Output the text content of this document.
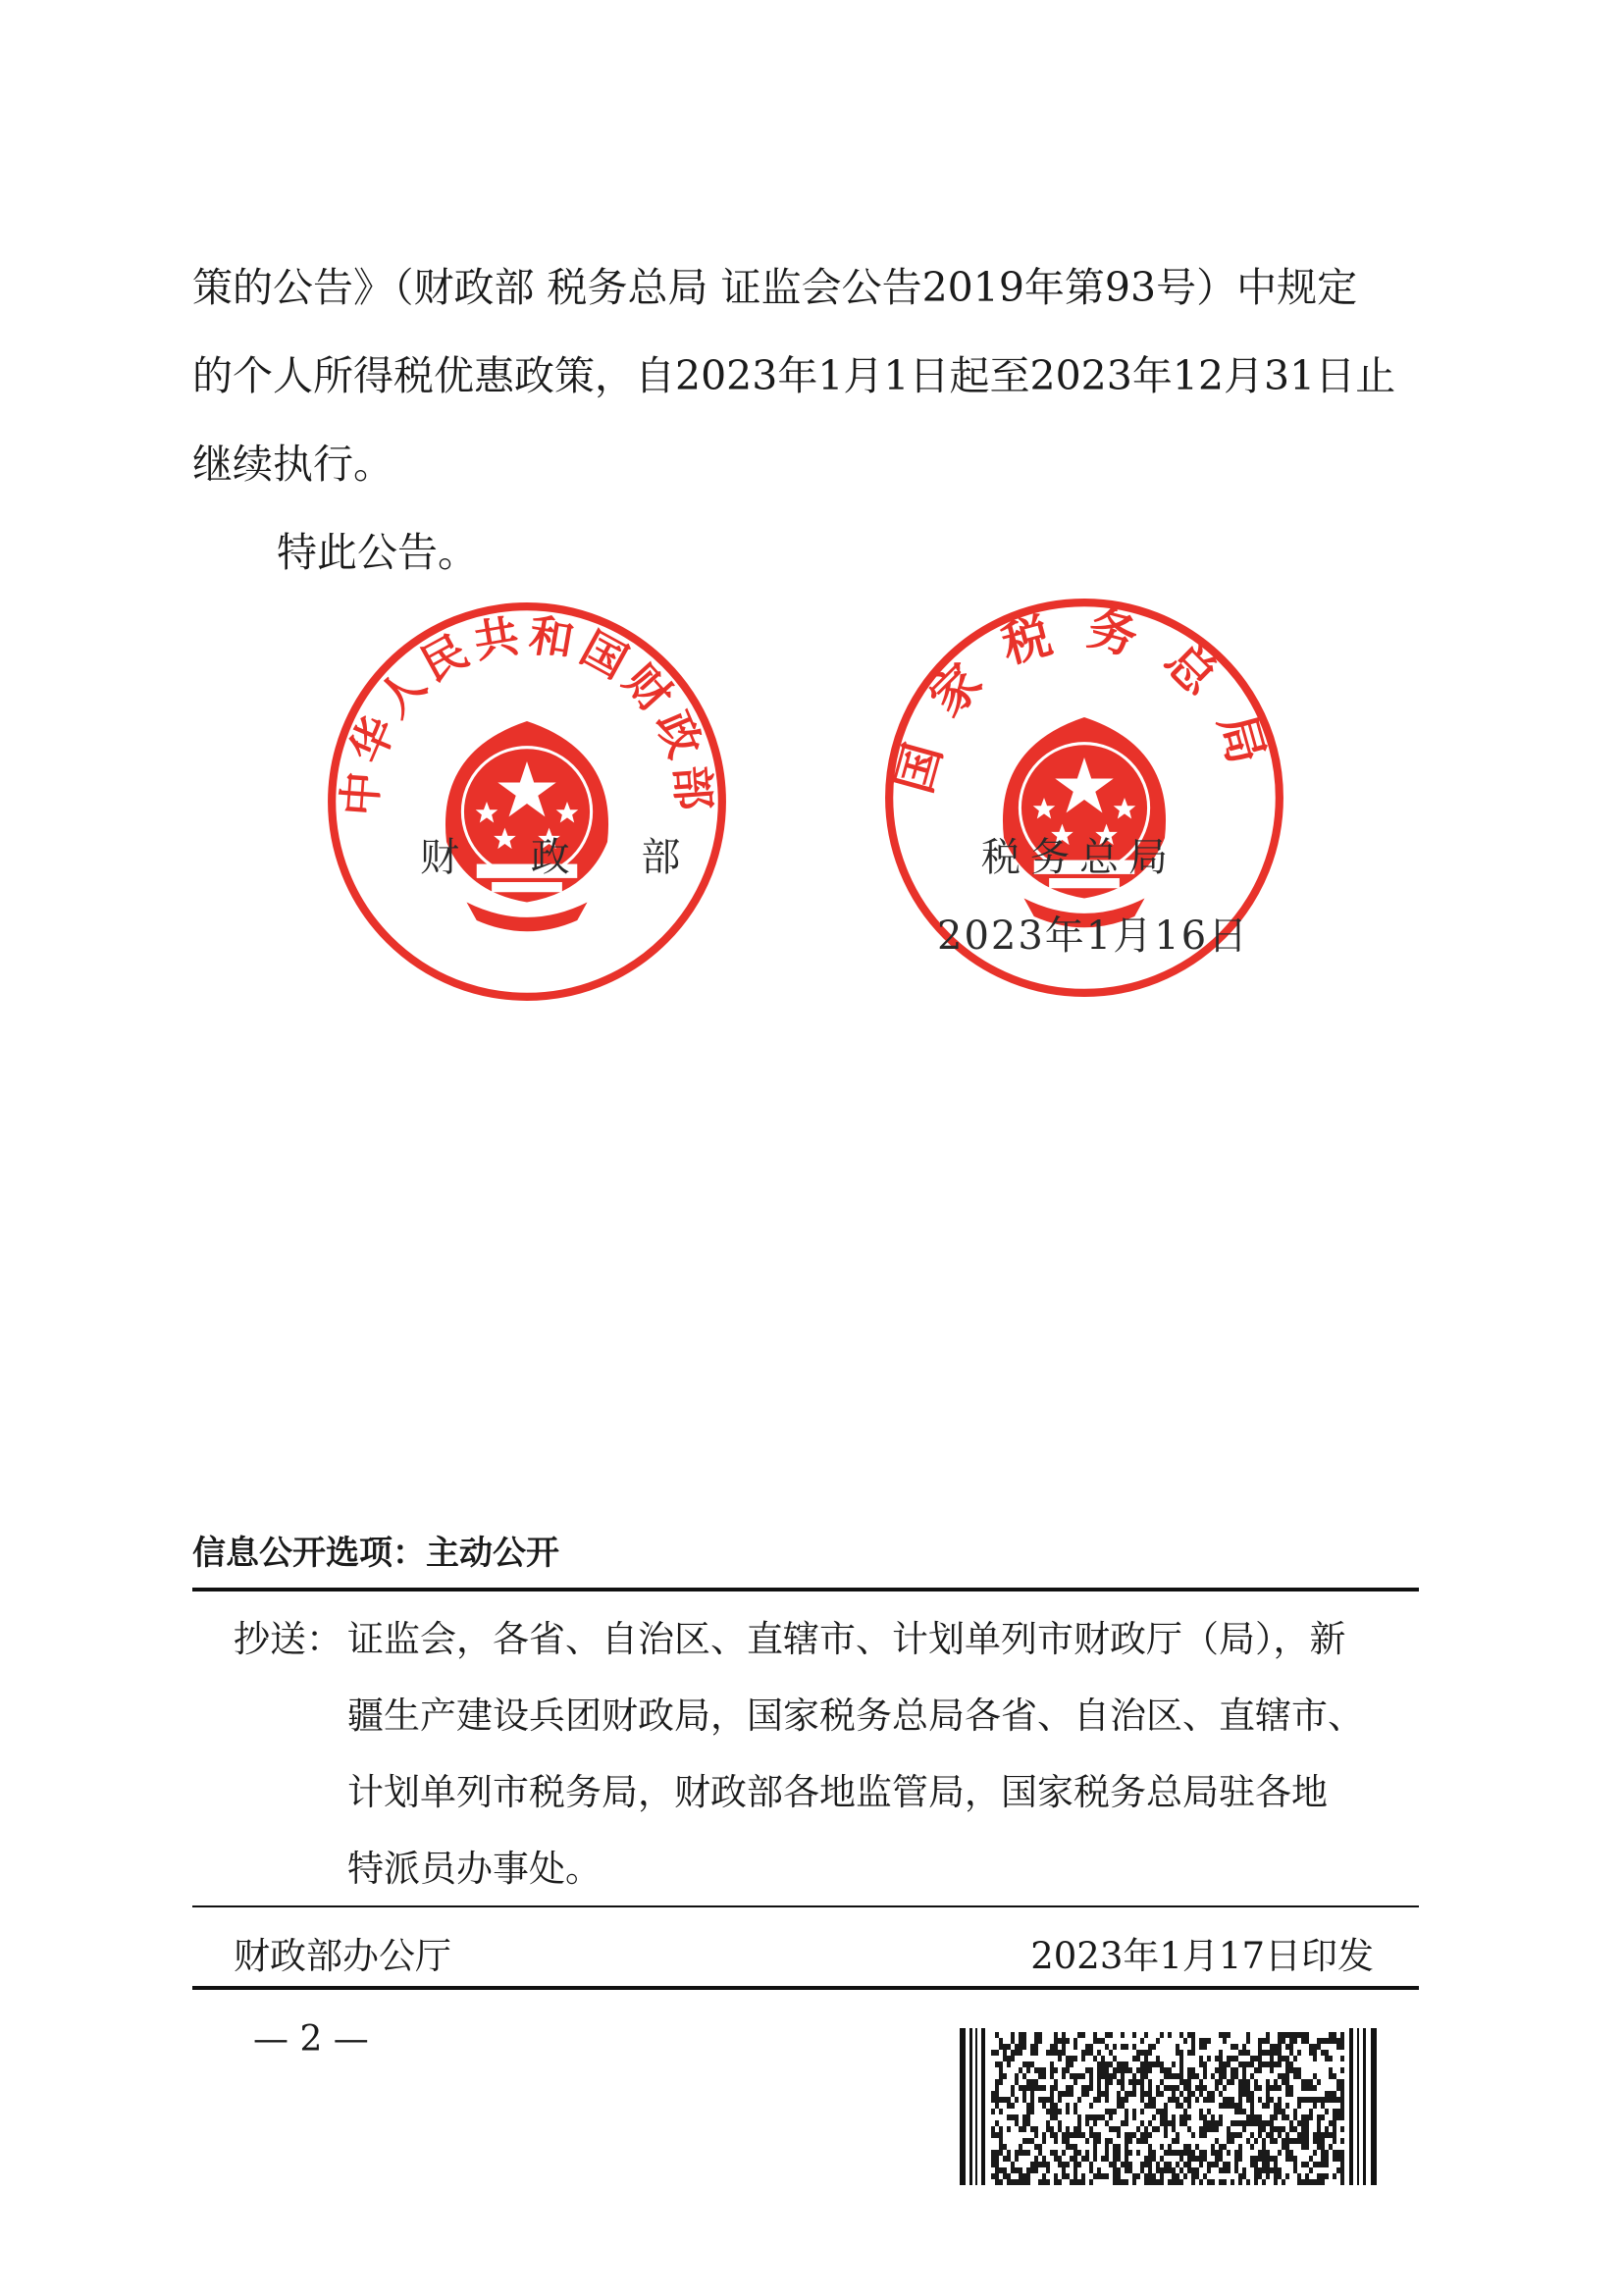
策的公告》（财政部 税务总局 证监会公告2019年第93号）中规定
的个人所得税优惠政策，自2023年1月1日起至2023年12月31日止
继续执行。
特此公告。
中华人民共和国财政部	国家税务总局
财 政 部	税务总局
2023年1月16日
信息公开选项：主动公开
抄送： 证监会，各省、自治区、直辖市、计划单列市财政厅（局），新
疆生产建设兵团财政局，国家税务总局各省、自治区、直辖市、
计划单列市税务局，财政部各地监管局，国家税务总局驻各地
特派员办事处。
财政部办公厅	2023年1月17日印发
— 2 —
